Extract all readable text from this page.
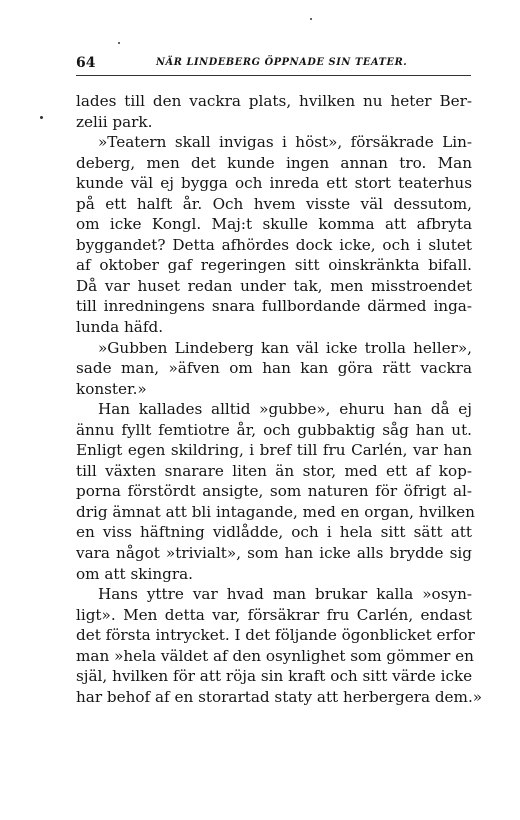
64	NÄR LINDEBERG ÖPPNADE SIN TEATER.
lades till den vackra plats, hvilken nu heter Ber-
zelii park.
»Teatern skall invigas i höst», försäkrade Lin-
deberg, men det kunde ingen annan tro. Man
kunde väl ej bygga och inreda ett stort teaterhus
på ett halft år. Och hvem visste väl dessutom,
om icke Kongl. Maj:t skulle komma att afbryta
byggandet? Detta afhördes dock icke, och i slutet
af oktober gaf regeringen sitt oinskränkta bifall.
Då var huset redan under tak, men misstroendet
till inredningens snara fullbordande därmed inga-
lunda häfd.
»Gubben Lindeberg kan väl icke trolla heller»,
sade man, »äfven om han kan göra rätt vackra
konster.»
Han kallades alltid »gubbe», ehuru han då ej
ännu fyllt femtiotre år, och gubbaktig såg han ut.
Enligt egen skildring, i bref till fru Carlén, var han
till växten snarare liten än stor, med ett af kop-
porna förstördt ansigte, som naturen för öfrigt al-
drig ämnat att bli intagande, med en organ, hvilken
en viss häftning vidlådde, och i hela sitt sätt att
vara något »trivialt», som han icke alls brydde sig
om att skingra.
Hans yttre var hvad man brukar kalla »osyn-
ligt». Men detta var, försäkrar fru Carlén, endast
det första intrycket. I det följande ögonblicket erfor
man »hela väldet af den osynlighet som gömmer en
själ, hvilken för att röja sin kraft och sitt värde icke
har behof af en storartad staty att herbergera dem.»
